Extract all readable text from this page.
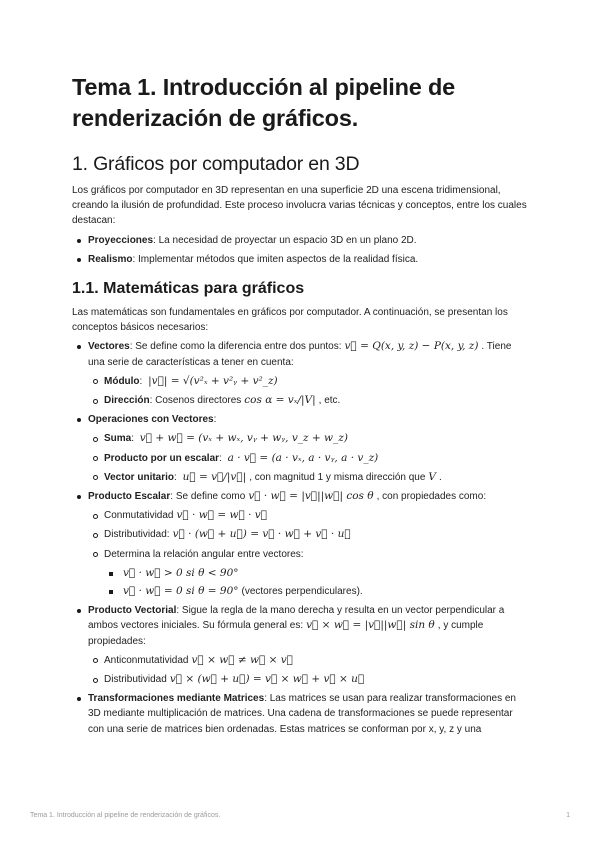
Tema 1. Introducción al pipeline de renderización de gráficos.
1. Gráficos por computador en 3D

Los gráficos por computador en 3D representan en una superficie 2D una escena tridimensional, creando la ilusión de profundidad. Este proceso involucra varias técnicas y conceptos, entre los cuales destacan:

Proyecciones: La necesidad de proyectar un espacio 3D en un plano 2D.
Realismo: Implementar métodos que imiten aspectos de la realidad física.
1.1. Matemáticas para gráficos

Las matemáticas son fundamentales en gráficos por computador. A continuación, se presentan los conceptos básicos necesarios:

Vectores: Se define como la diferencia entre dos puntos: v⃗ = Q(x, y, z) − P(x, y, z) . Tiene una serie de características a tener en cuenta:
Módulo: |v⃗| = √(v²ₓ + v²ᵧ + v²_z)
Dirección: Cosenos directores cos α = vₓ/|V| , etc.
Operaciones con Vectores:
Suma: v⃗ + w⃗ = (vₓ + wₓ, vᵧ + wᵧ, v_z + w_z)
Producto por un escalar: a · v⃗ = (a · vₓ, a · vᵧ, a · v_z)
Vector unitario: u⃗ = v⃗/|v⃗| , con magnitud 1 y misma dirección que V .
Producto Escalar: Se define como v⃗ · w⃗ = |v⃗||w⃗| cos θ , con propiedades como:
Conmutatividad v⃗ · w⃗ = w⃗ · v⃗
Distributividad: v⃗ · (w⃗ + u⃗) = v⃗ · w⃗ + v⃗ · u⃗
Determina la relación angular entre vectores:
v⃗ · w⃗ > 0 si θ < 90°
v⃗ · w⃗ = 0 si θ = 90° (vectores perpendiculares).
Producto Vectorial: Sigue la regla de la mano derecha y resulta en un vector perpendicular a ambos vectores iniciales. Su fórmula general es: v⃗ × w⃗ = |v⃗||w⃗| sin θ , y cumple propiedades:
Anticonmutatividad v⃗ × w⃗ ≠ w⃗ × v⃗
Distributividad v⃗ × (w⃗ + u⃗) = v⃗ × w⃗ + v⃗ × u⃗
Transformaciones mediante Matrices: Las matrices se usan para realizar transformaciones en 3D mediante multiplicación de matrices. Una cadena de transformaciones se puede representar con una serie de matrices bien ordenadas. Estas matrices se conforman por x, y, z y una
Tema 1. Introducción al pipeline de renderización de gráficos.	1
